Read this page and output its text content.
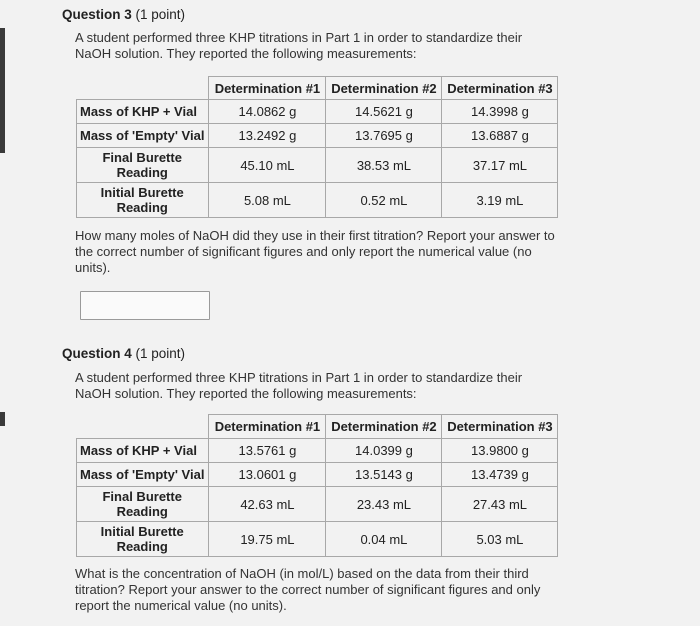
Question 3 (1 point)
A student performed three KHP titrations in Part 1 in order to standardize their
NaOH solution. They reported the following measurements:
	Determination #1	Determination #2	Determination #3
Mass of KHP + Vial	14.0862 g	14.5621 g	14.3998 g
Mass of 'Empty' Vial	13.2492 g	13.7695 g	13.6887 g

Final Burette
Reading	45.10 mL	38.53 mL	37.17 mL

Initial Burette
Reading	5.08 mL	0.52 mL	3.19 mL
How many moles of NaOH did they use in their first titration? Report your answer to
the correct number of significant figures and only report the numerical value (no
units).
Question 4 (1 point)
A student performed three KHP titrations in Part 1 in order to standardize their
NaOH solution. They reported the following measurements:
	Determination #1	Determination #2	Determination #3
Mass of KHP + Vial	13.5761 g	14.0399 g	13.9800 g
Mass of 'Empty' Vial	13.0601 g	13.5143 g	13.4739 g

Final Burette
Reading	42.63 mL	23.43 mL	27.43 mL

Initial Burette
Reading	19.75 mL	0.04 mL	5.03 mL
What is the concentration of NaOH (in mol/L) based on the data from their third
titration? Report your answer to the correct number of significant figures and only
report the numerical value (no units).
